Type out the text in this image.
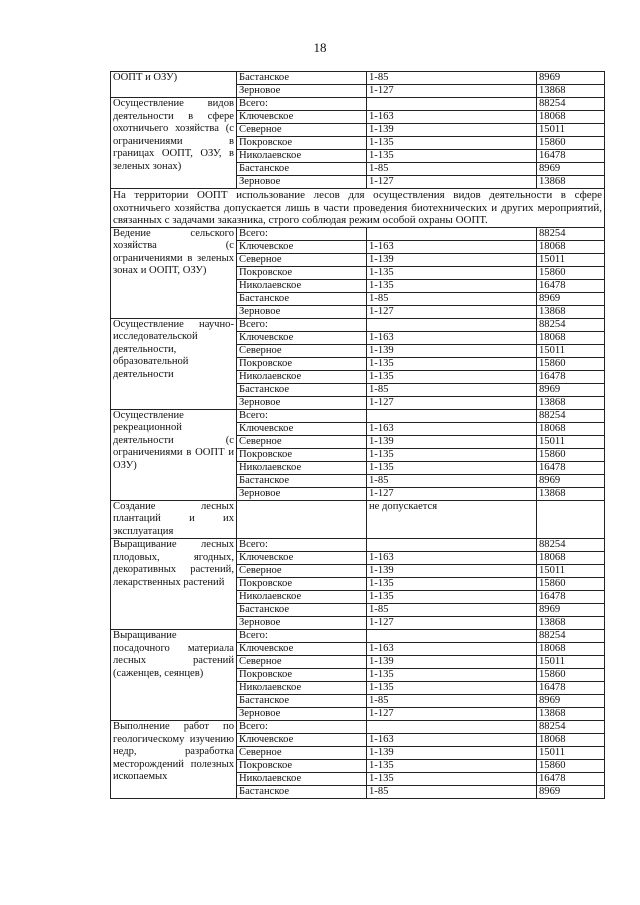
18
ООПТ и ОЗУ)	Бастанское	1-85	8969
	Зерновое	1-127	13868
Осуществление видов деятельности в сфере охотничьего хозяйства (с ограничениями в границах ООПТ, ОЗУ, в зеленых зонах)	Всего:		88254
	Ключевское	1-163	18068
	Северное	1-139	15011
	Покровское	1-135	15860
	Николаевское	1-135	16478
	Бастанское	1-85	8969
	Зерновое	1-127	13868
На территории ООПТ использование лесов для осуществления видов деятельности в сфере охотничьего хозяйства допускается лишь в части проведения биотехнических и других мероприятий, связанных с задачами заказника, строго соблюдая режим особой охраны ООПТ.			
Ведение сельского хозяйства (с ограничениями в зеленых зонах и ООПТ, ОЗУ)	Всего:		88254
	Ключевское	1-163	18068
	Северное	1-139	15011
	Покровское	1-135	15860
	Николаевское	1-135	16478
	Бастанское	1-85	8969
	Зерновое	1-127	13868
Осуществление научно-исследовательской деятельности, образовательной деятельности	Всего:		88254
	Ключевское	1-163	18068
	Северное	1-139	15011
	Покровское	1-135	15860
	Николаевское	1-135	16478
	Бастанское	1-85	8969
	Зерновое	1-127	13868
Осуществление рекреационной деятельности (с ограничениями в ООПТ и ОЗУ)	Всего:		88254
	Ключевское	1-163	18068
	Северное	1-139	15011
	Покровское	1-135	15860
	Николаевское	1-135	16478
	Бастанское	1-85	8969
	Зерновое	1-127	13868
Создание лесных плантаций и их эксплуатация		не допускается	
Выращивание лесных плодовых, ягодных, декоративных растений, лекарственных растений	Всего:		88254
	Ключевское	1-163	18068
	Северное	1-139	15011
	Покровское	1-135	15860
	Николаевское	1-135	16478
	Бастанское	1-85	8969
	Зерновое	1-127	13868
Выращивание посадочного материала лесных растений (саженцев, сеянцев)	Всего:		88254
	Ключевское	1-163	18068
	Северное	1-139	15011
	Покровское	1-135	15860
	Николаевское	1-135	16478
	Бастанское	1-85	8969
	Зерновое	1-127	13868
Выполнение работ по геологическому изучению недр, разработка месторождений полезных ископаемых	Всего:		88254
	Ключевское	1-163	18068
	Северное	1-139	15011
	Покровское	1-135	15860
	Николаевское	1-135	16478
	Бастанское	1-85	8969
